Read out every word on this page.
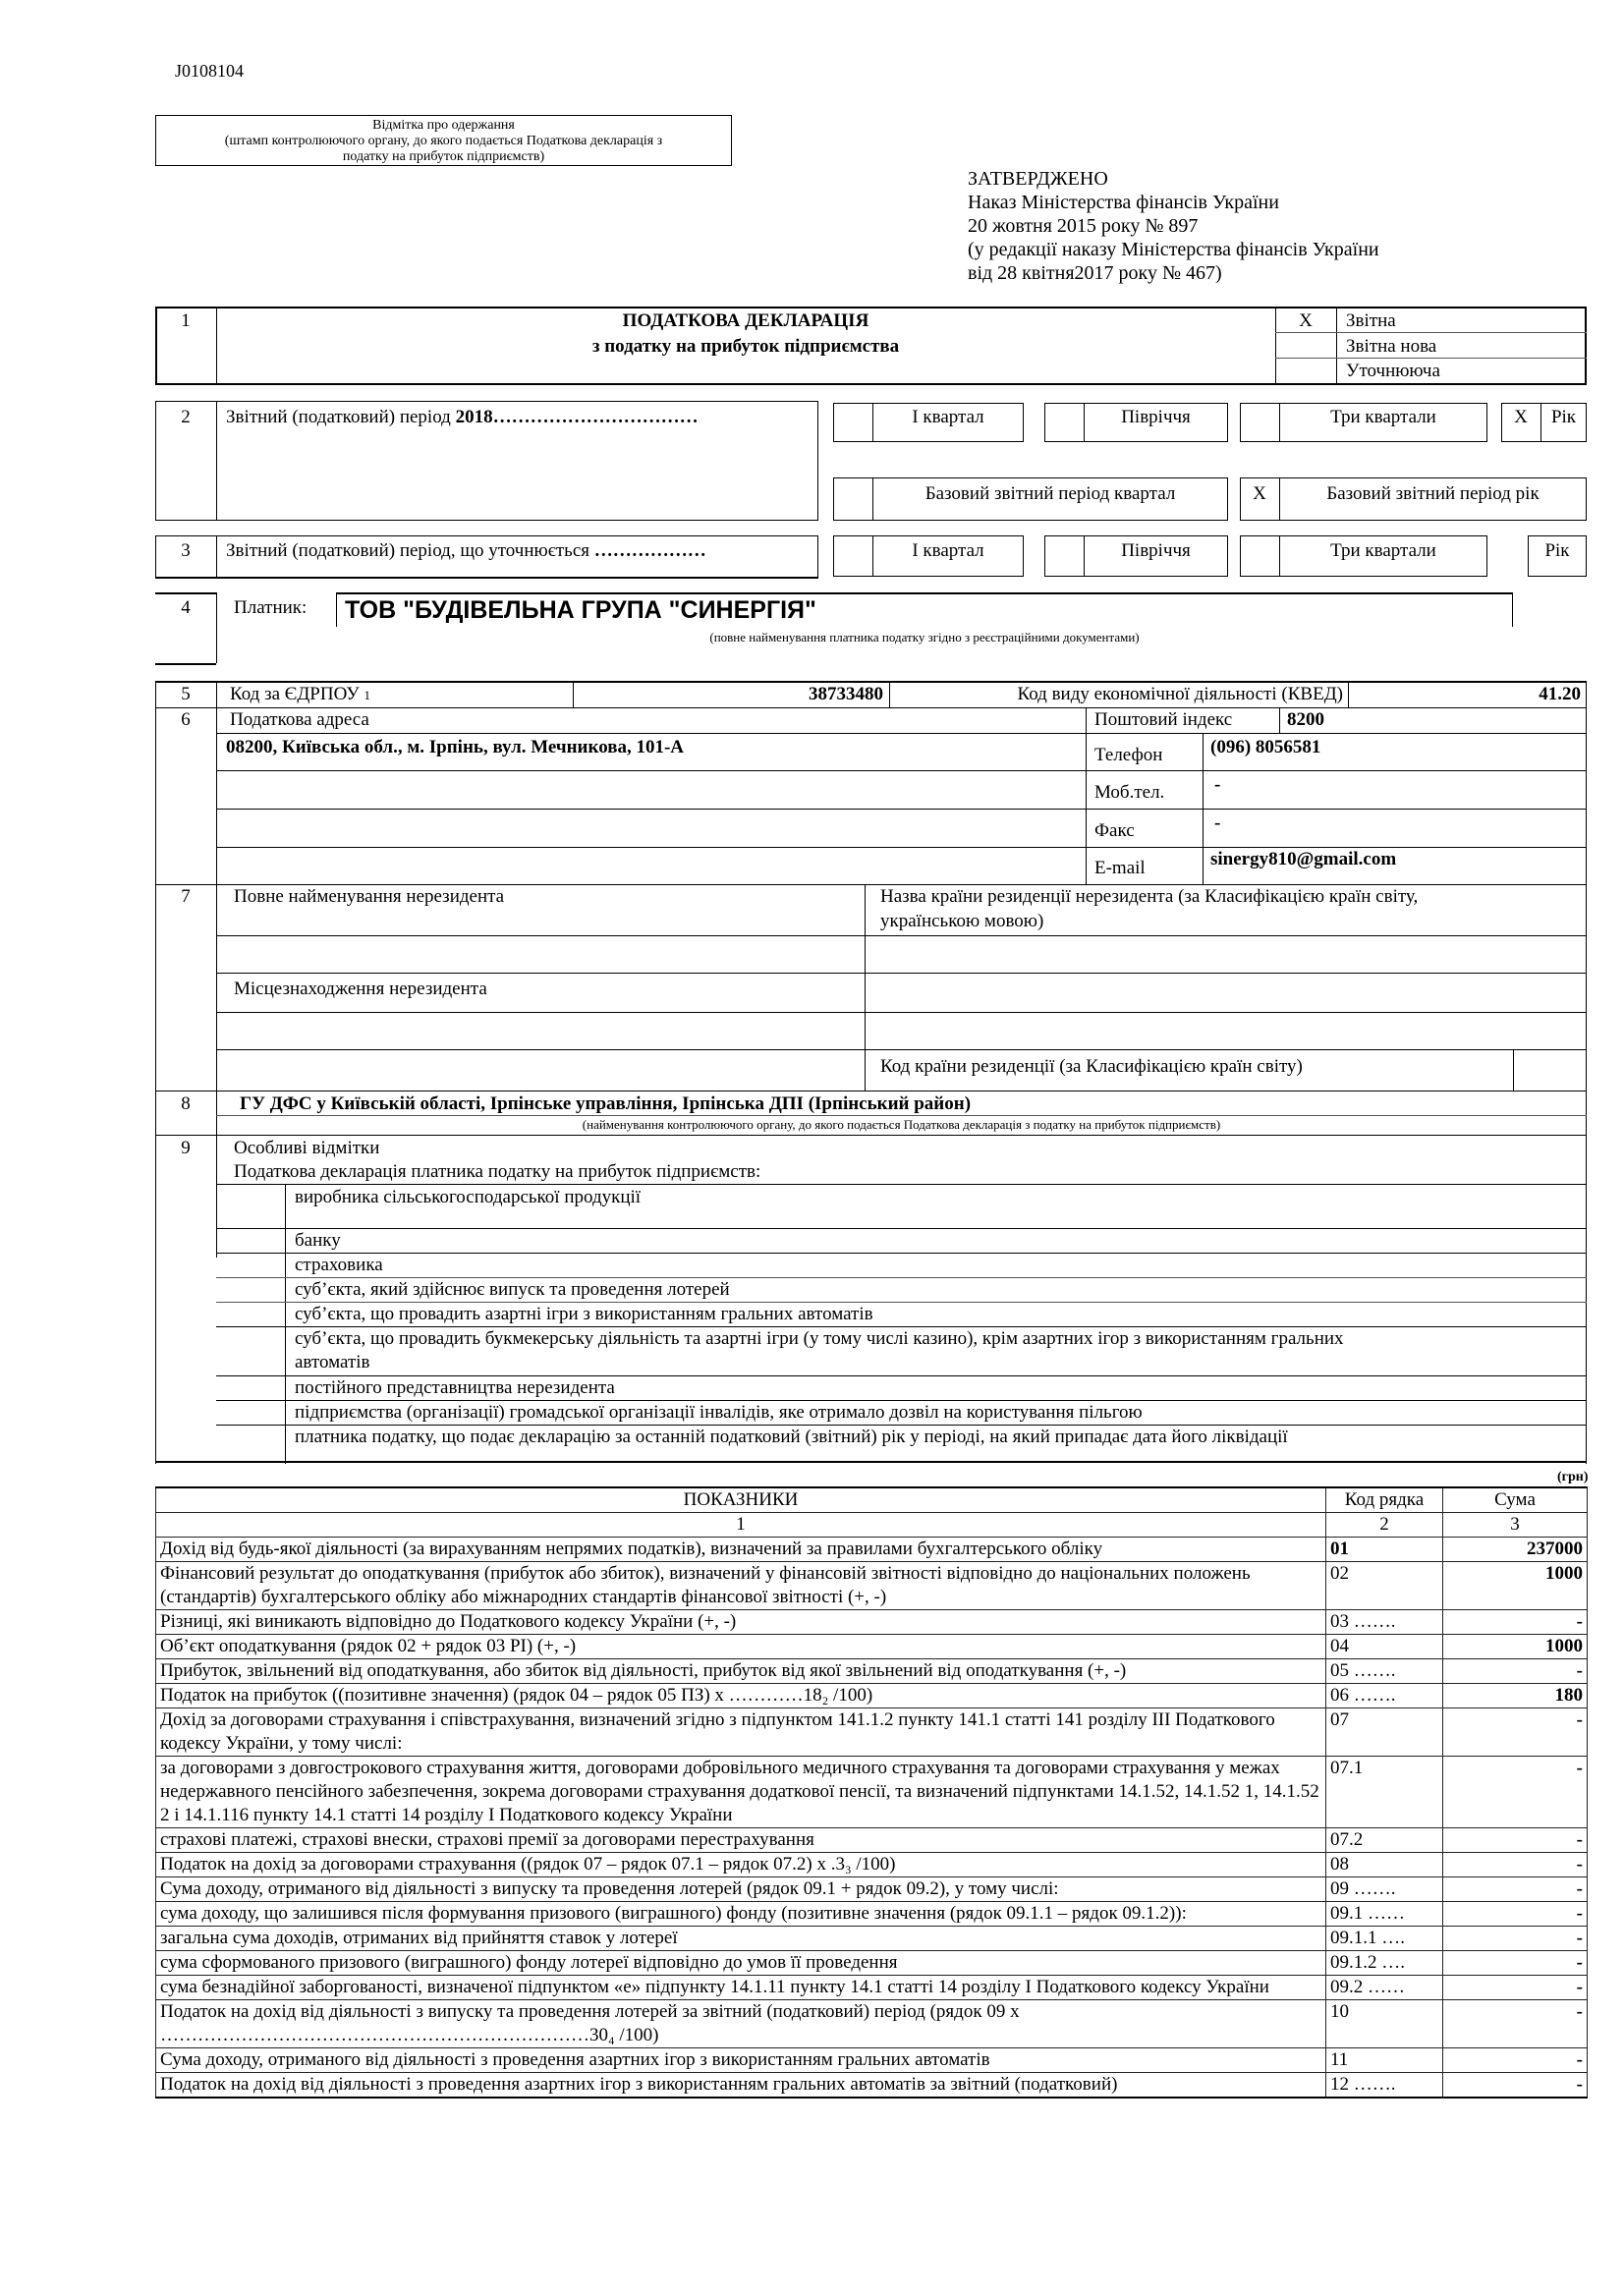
J0108104
Відмітка про одержання
(штамп контролюючого органу, до якого подається Податкова декларація з
податку на прибуток підприємств)
ЗАТВЕРДЖЕНО
Наказ Міністерства фінансів України
20 жовтня 2015 року № 897
(у редакції наказу Міністерства фінансів України
від 28 квітня2017 року № 467)
1	ПОДАТКОВА ДЕКЛАРАЦІЯ
з податку на прибуток підприємства
X	Звітна
Звітна нова
Уточнююча
2	Звітний (податковий) період 2018……………………………	I квартал	Півріччя	Три квартали	X	Рік
Базовий звітний період квартал	X	Базовий звітний період рік
3	Звітний (податковий) період, що уточнюється ………………	I квартал	Півріччя	Три квартали	Рік
4	Платник: ТОВ "БУДІВЕЛЬНА ГРУПА "СИНЕРГІЯ"
(повне найменування платника податку згідно з реєстраційними документами)
5	Код за ЄДРПОУ 1	38733480	Код виду економічної діяльності (КВЕД)	41.20
6	Податкова адреса
08200, Київська обл., м. Ірпінь, вул. Мечникова, 101-А
Поштовий індекс	8200
Телефон	(096) 8056581
Моб.тел.	-
Факс	-
E-mail	sinergy810@gmail.com
7	Повне найменування нерезидента	Назва країни резиденції нерезидента (за Класифікацією країн світу,
українською мовою)
Місцезнаходження нерезидента
Код країни резиденції (за Класифікацією країн світу)
8	ГУ ДФС у Київській області, Ірпінське управління, Ірпінська ДПІ (Ірпінський район)
(найменування контролюючого органу, до якого подається Податкова декларація з податку на прибуток підприємств)
9	Особливі відмітки
Податкова декларація платника податку на прибуток підприємств:
виробника сільськогосподарської продукції
банку
страховика
суб’єкта, який здійснює випуск та проведення лотерей
суб’єкта, що провадить азартні ігри з використанням гральних автоматів
суб’єкта, що провадить букмекерську діяльність та азартні ігри (у тому числі казино), крім азартних ігор з використанням гральних
автоматів
постійного представництва нерезидента
підприємства (організації) громадської організації інвалідів, яке отримало дозвіл на користування пільгою
платника податку, що подає декларацію за останній податковий (звітний) рік у періоді, на який припадає дата його ліквідації
(грн)
ПОКАЗНИКИ	Код рядка	Сума
1	2	3
Дохід від будь-якої діяльності (за вирахуванням непрямих податків), визначений за правилами бухгалтерського обліку	01	237000
Фінансовий результат до оподаткування (прибуток або збиток), визначений у фінансовій звітності відповідно до національних положень (стандартів) бухгалтерського обліку або міжнародних стандартів фінансової звітності (+, -)	02	1000
Різниці, які виникають відповідно до Податкового кодексу України (+, -)	03 …….	-
Об’єкт оподаткування (рядок 02 + рядок 03 РІ) (+, -)	04	1000
Прибуток, звільнений від оподаткування, або збиток від діяльності, прибуток від якої звільнений від оподаткування (+, -)	05 …….	-
Податок на прибуток ((позитивне значення) (рядок 04 – рядок 05 ПЗ) х …………18₂ /100)	06 …….	180
Дохід за договорами страхування і співстрахування, визначений згідно з підпунктом 141.1.2 пункту 141.1 статті 141 розділу III Податкового кодексу України, у тому числі:	07	-
за договорами з довгострокового страхування життя, договорами добровільного медичного страхування та договорами страхування у межах недержавного пенсійного забезпечення, зокрема договорами страхування додаткової пенсії, та визначений підпунктами 14.1.52, 14.1.52 1, 14.1.52 2 і 14.1.116 пункту 14.1 статті 14 розділу I Податкового кодексу України	07.1	-
страхові платежі, страхові внески, страхові премії за договорами перестрахування	07.2	-
Податок на дохід за договорами страхування ((рядок 07 – рядок 07.1 – рядок 07.2) х .3₃ /100)	08	-
Сума доходу, отриманого від діяльності з випуску та проведення лотерей (рядок 09.1 + рядок 09.2), у тому числі:	09 …….	-
сума доходу, що залишився після формування призового (виграшного) фонду (позитивне значення (рядок 09.1.1 – рядок 09.1.2)):	09.1 ……	-
загальна сума доходів, отриманих від прийняття ставок у лотереї	09.1.1 ….	-
сума сформованого призового (виграшного) фонду лотереї відповідно до умов її проведення	09.1.2 ….	-
сума безнадійної заборгованості, визначеної підпунктом «е» підпункту 14.1.11 пункту 14.1 статті 14 розділу I Податкового кодексу України	09.2 ……	-
Податок на дохід від діяльності з випуску та проведення лотерей за звітний (податковий) період (рядок 09 х ……………………………………………………………30₄ /100)	10	-
Сума доходу, отриманого від діяльності з проведення азартних ігор з використанням гральних автоматів	11	-
Податок на дохід від діяльності з проведення азартних ігор з використанням гральних автоматів за звітний (податковий)	12 …….	-
